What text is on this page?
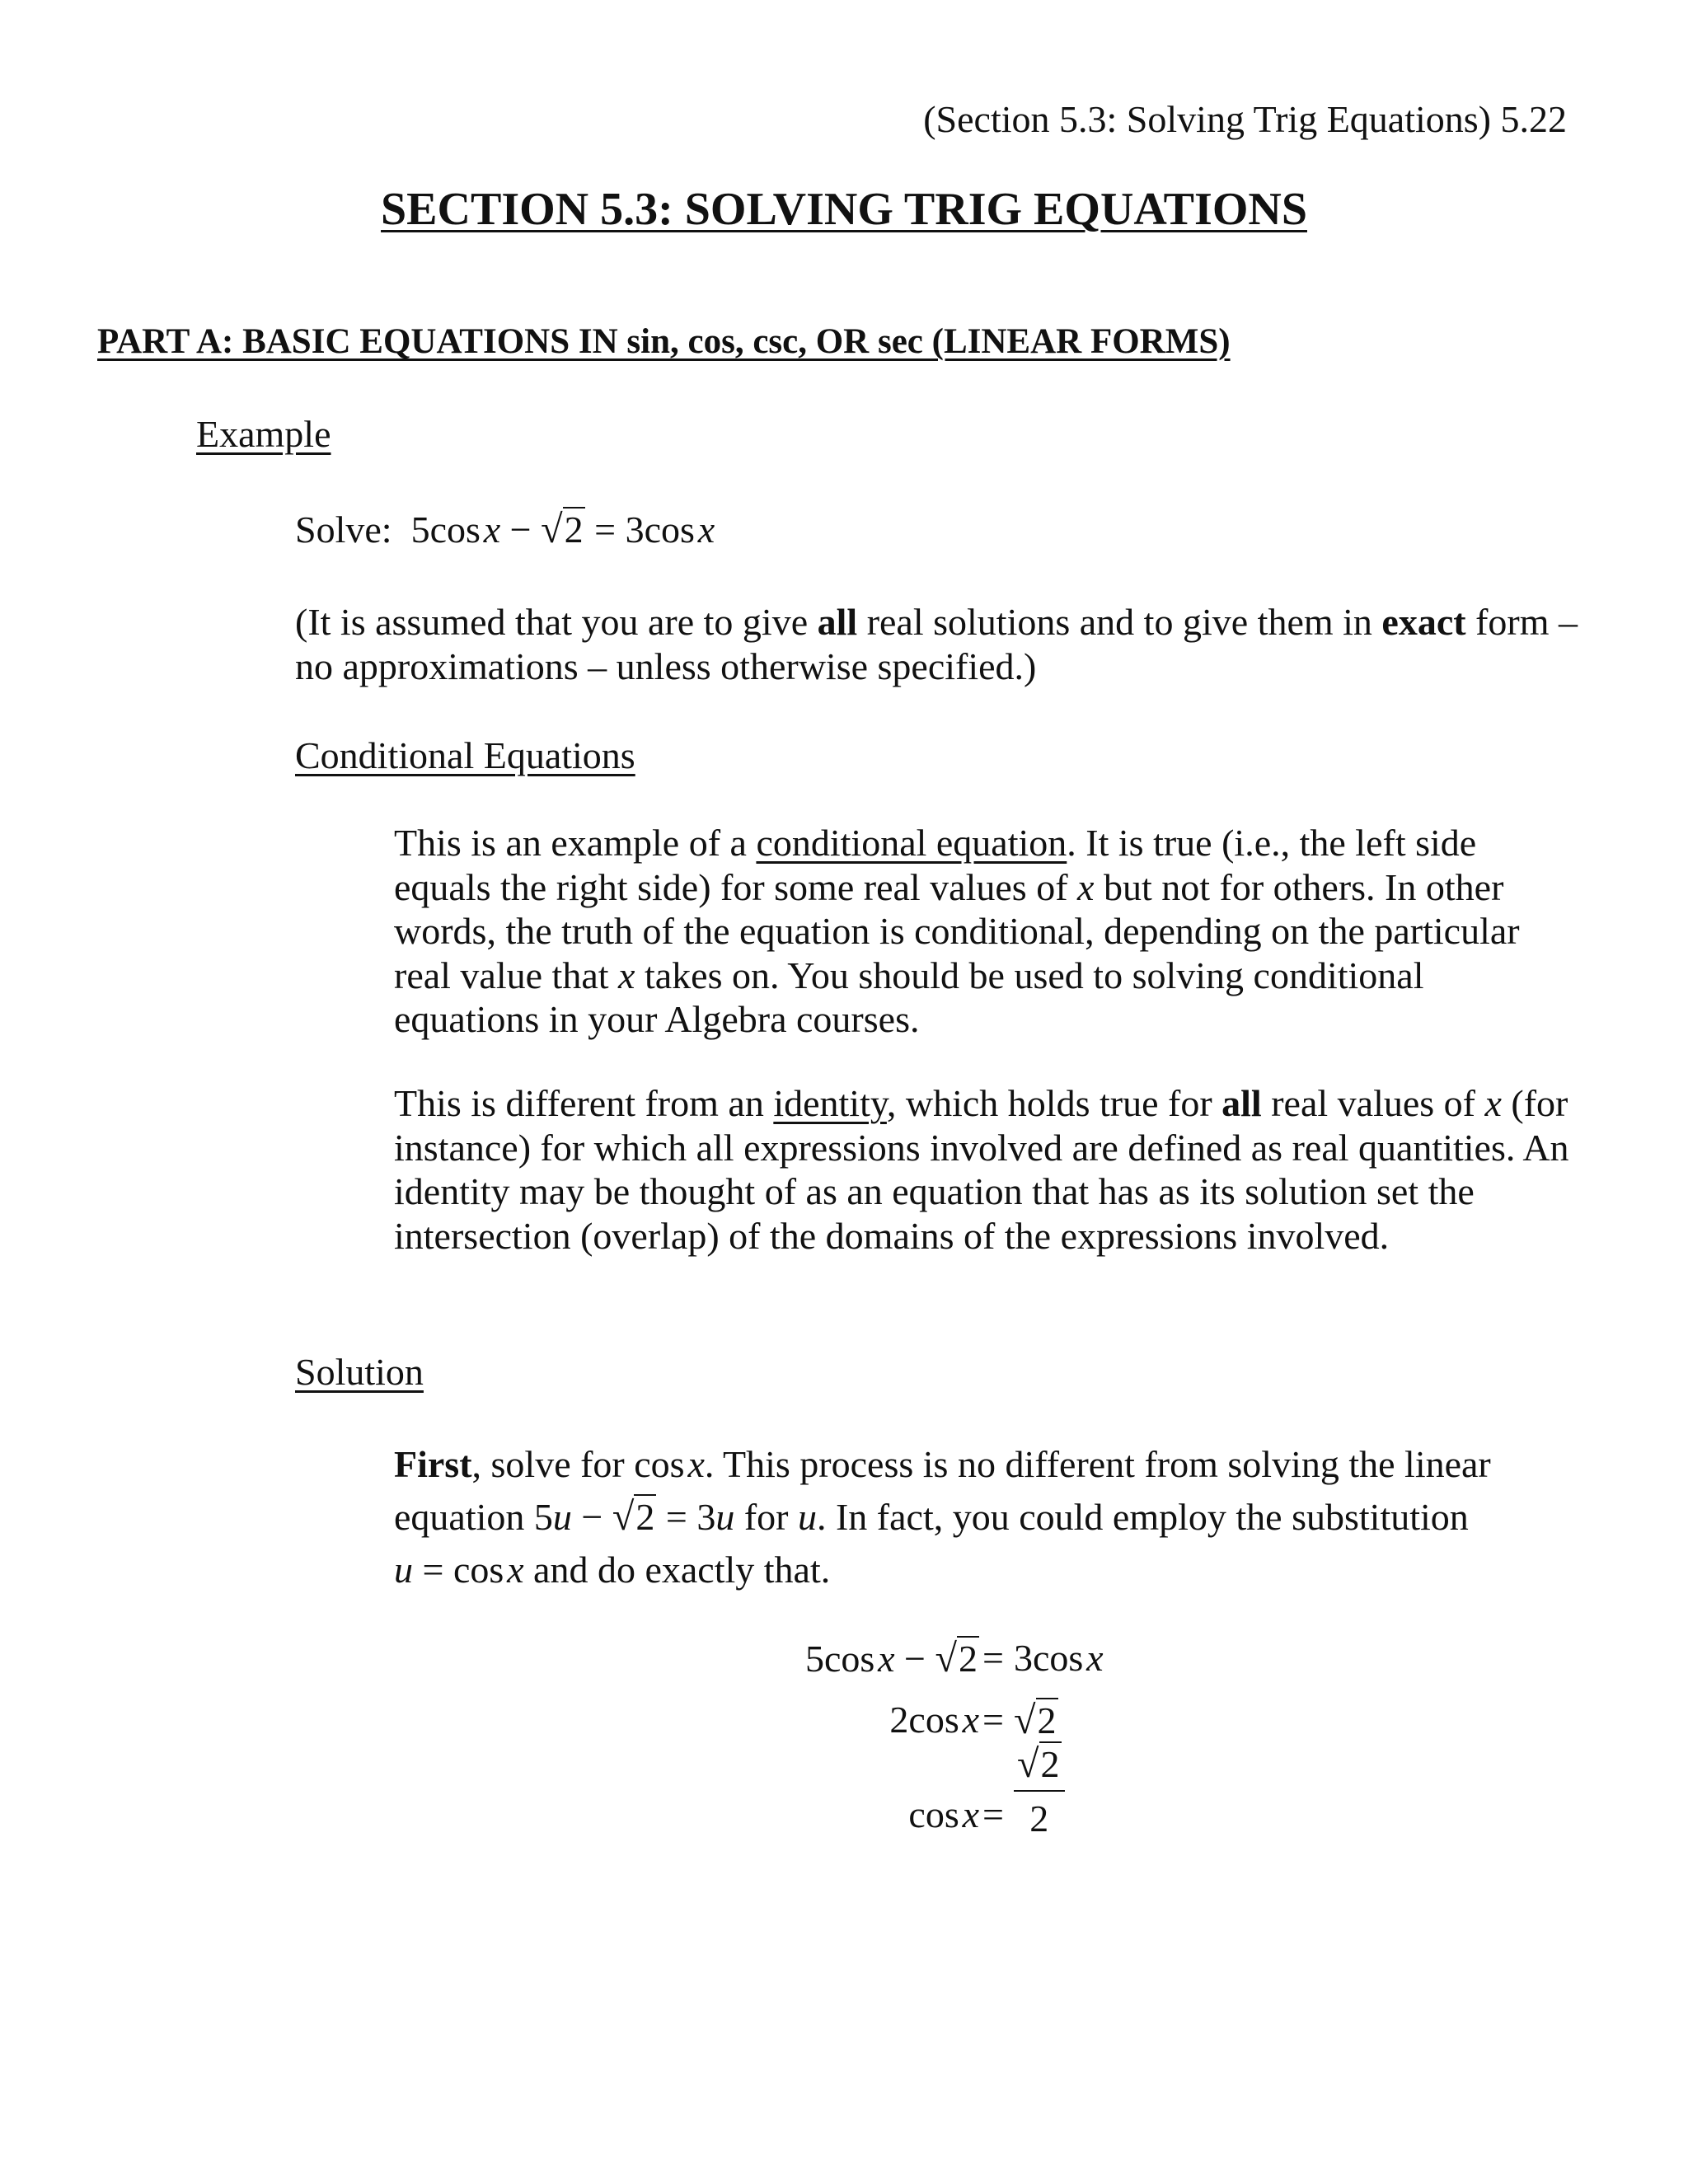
(Section 5.3: Solving Trig Equations) 5.22
SECTION 5.3: SOLVING TRIG EQUATIONS
PART A: BASIC EQUATIONS IN sin, cos, csc, OR sec (LINEAR FORMS)
Example
Solve: 5cos x − √2 = 3cos x
(It is assumed that you are to give all real solutions and to give them in exact form – no approximations – unless otherwise specified.)
Conditional Equations
This is an example of a conditional equation. It is true (i.e., the left side equals the right side) for some real values of x but not for others. In other words, the truth of the equation is conditional, depending on the particular real value that x takes on. You should be used to solving conditional equations in your Algebra courses.
This is different from an identity, which holds true for all real values of x (for instance) for which all expressions involved are defined as real quantities. An identity may be thought of as an equation that has as its solution set the intersection (overlap) of the domains of the expressions involved.
Solution
First, solve for cos x. This process is no different from solving the linear equation 5u − √2 = 3u for u. In fact, you could employ the substitution u = cos x and do exactly that.
5cos x − √2 = 3cos x
2cos x = √2
cos $x = \frac{√2}{2}$
